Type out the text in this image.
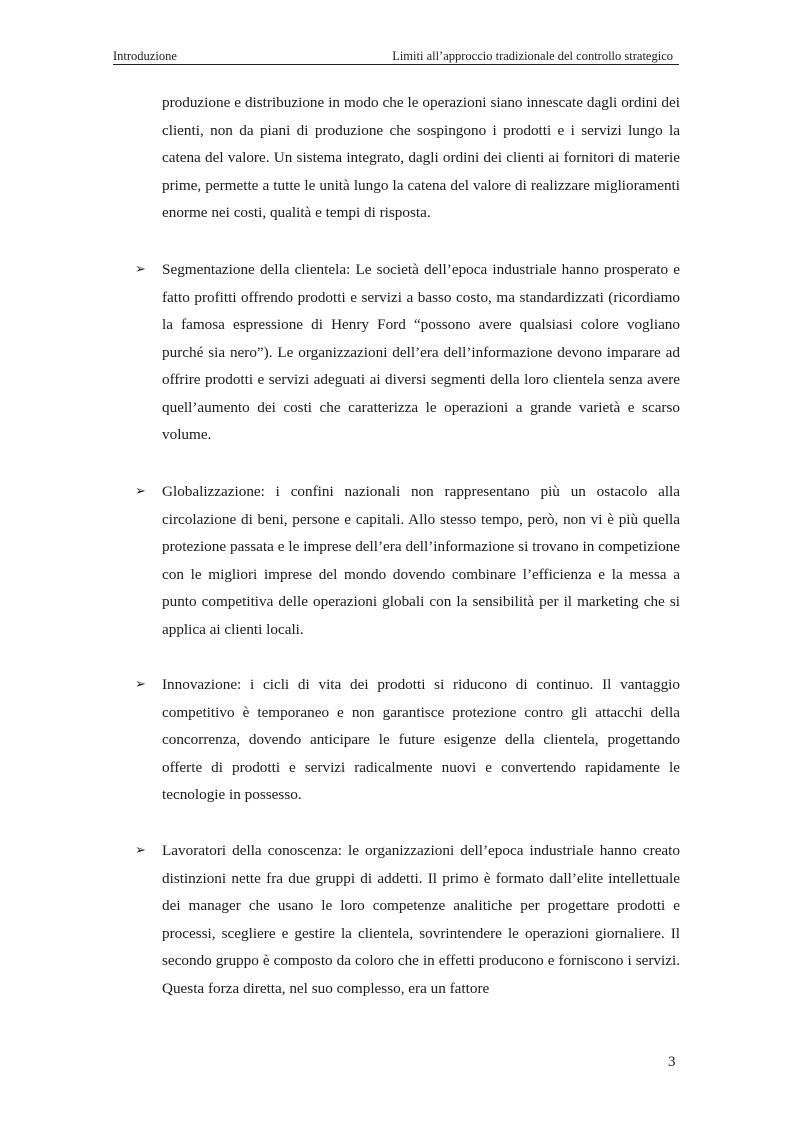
Introduzione	Limiti all’approccio tradizionale del controllo strategico

produzione e distribuzione in modo che le operazioni siano innescate dagli ordini dei clienti, non da piani di produzione che sospingono i prodotti e i servizi lungo la catena del valore. Un sistema integrato, dagli ordini dei clienti ai fornitori di materie prime, permette a tutte le unità lungo la catena del valore di realizzare miglioramenti enorme nei costi, qualità e tempi di risposta.

➢	Segmentazione della clientela: Le società dell’epoca industriale hanno prosperato e fatto profitti offrendo prodotti e servizi a basso costo, ma standardizzati (ricordiamo la famosa espressione di Henry Ford “possono avere qualsiasi colore vogliano purché sia nero”). Le organizzazioni dell’era dell’informazione devono imparare ad offrire prodotti e servizi adeguati ai diversi segmenti della loro clientela senza avere quell’aumento dei costi che caratterizza le operazioni a grande varietà e scarso volume.

➢	Globalizzazione: i confini nazionali non rappresentano più un ostacolo alla circolazione di beni, persone e capitali. Allo stesso tempo, però, non vi è più quella protezione passata e le imprese dell’era dell’informazione si trovano in competizione con le migliori imprese del mondo dovendo combinare l’efficienza e la messa a punto competitiva delle operazioni globali con la sensibilità per il marketing che si applica ai clienti locali.

➢	Innovazione: i cicli di vita dei prodotti si riducono di continuo. Il vantaggio competitivo è temporaneo e non garantisce protezione contro gli attacchi della concorrenza, dovendo anticipare le future esigenze della clientela, progettando offerte di prodotti e servizi radicalmente nuovi e convertendo rapidamente le tecnologie in possesso.

➢	Lavoratori della conoscenza: le organizzazioni dell’epoca industriale hanno creato distinzioni nette fra due gruppi di addetti. Il primo è formato dall’elite intellettuale dei manager che usano le loro competenze analitiche per progettare prodotti e processi, scegliere e gestire la clientela, sovrintendere le operazioni giornaliere. Il secondo gruppo è composto da coloro che in effetti producono e forniscono i servizi. Questa forza diretta, nel suo complesso, era un fattore

3
